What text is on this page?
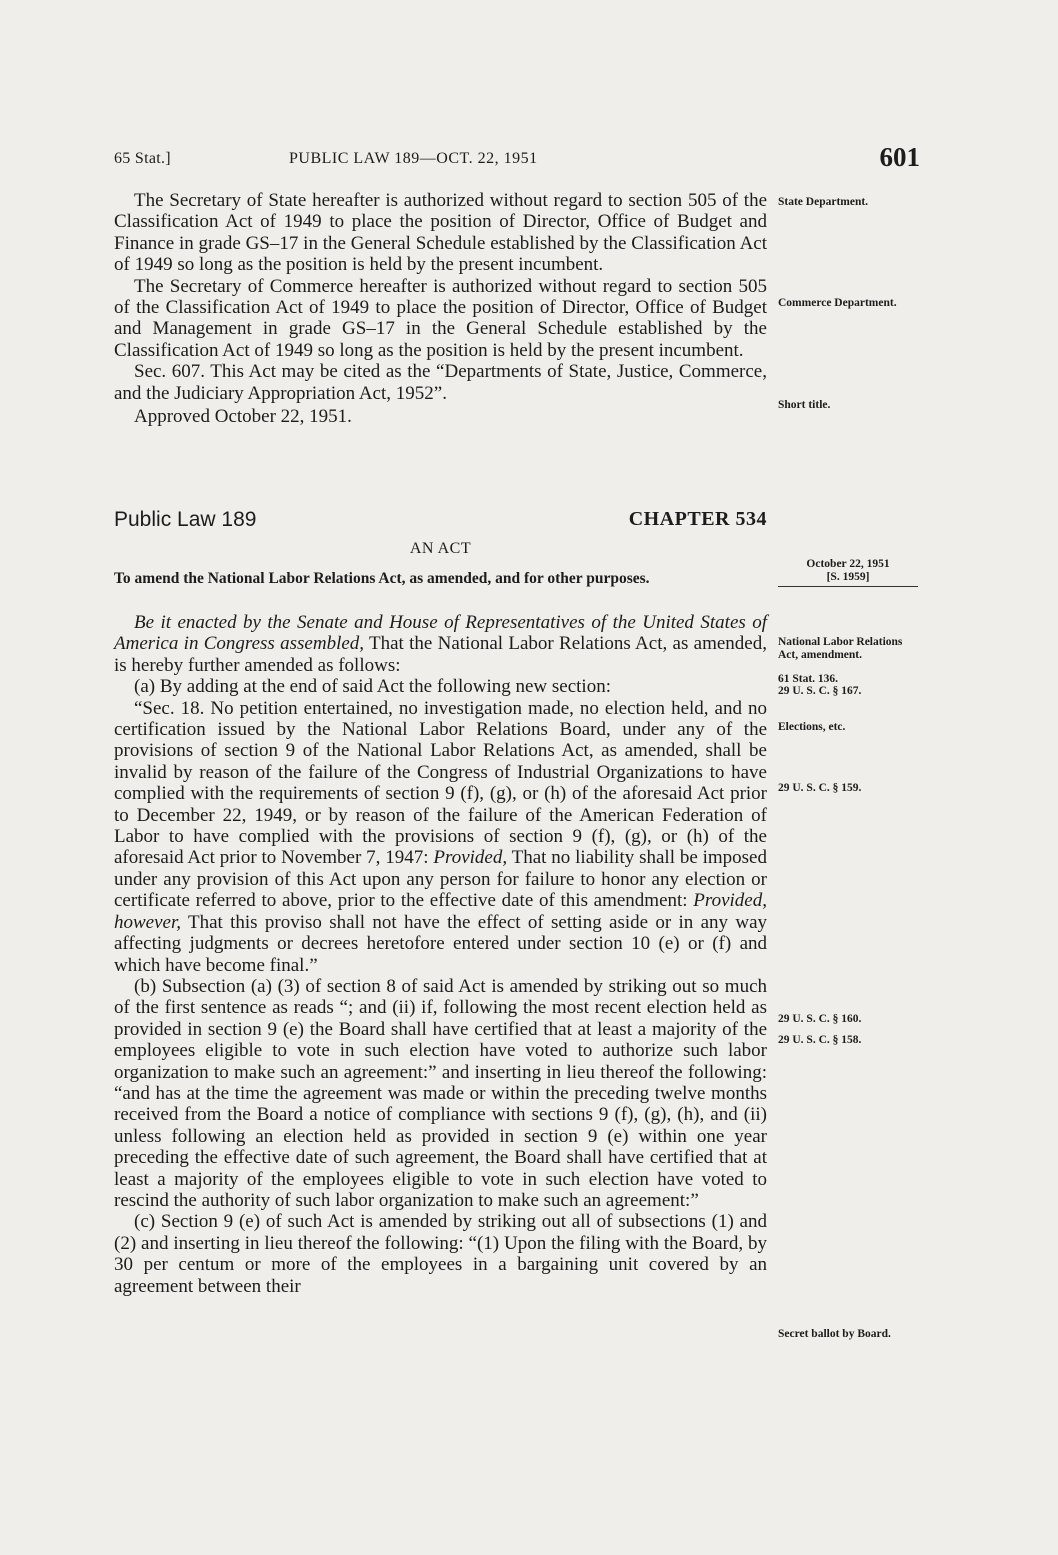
65 Stat.]	PUBLIC LAW 189—OCT. 22, 1951	601

The Secretary of State hereafter is authorized without regard to section 505 of the Classification Act of 1949 to place the position of Director, Office of Budget and Finance in grade GS–17 in the General Schedule established by the Classification Act of 1949 so long as the position is held by the present incumbent.

The Secretary of Commerce hereafter is authorized without regard to section 505 of the Classification Act of 1949 to place the position of Director, Office of Budget and Management in grade GS–17 in the General Schedule established by the Classification Act of 1949 so long as the position is held by the present incumbent.

Sec. 607. This Act may be cited as the “Departments of State, Justice, Commerce, and the Judiciary Appropriation Act, 1952”.

Approved October 22, 1951.

State Department.
Commerce Department.
Short title.
Public Law 189	CHAPTER 534
AN ACT
To amend the National Labor Relations Act, as amended, and for other purposes.
October 22, 1951
[S. 1959]

Be it enacted by the Senate and House of Representatives of the United States of America in Congress assembled, That the National Labor Relations Act, as amended, is hereby further amended as follows:

(a) By adding at the end of said Act the following new section:

“Sec. 18. No petition entertained, no investigation made, no election held, and no certification issued by the National Labor Relations Board, under any of the provisions of section 9 of the National Labor Relations Act, as amended, shall be invalid by reason of the failure of the Congress of Industrial Organizations to have complied with the requirements of section 9 (f), (g), or (h) of the aforesaid Act prior to December 22, 1949, or by reason of the failure of the American Federation of Labor to have complied with the provisions of section 9 (f), (g), or (h) of the aforesaid Act prior to November 7, 1947: Provided, That no liability shall be imposed under any provision of this Act upon any person for failure to honor any election or certificate referred to above, prior to the effective date of this amendment: Provided, however, That this proviso shall not have the effect of setting aside or in any way affecting judgments or decrees heretofore entered under section 10 (e) or (f) and which have become final.”

(b) Subsection (a) (3) of section 8 of said Act is amended by striking out so much of the first sentence as reads “; and (ii) if, following the most recent election held as provided in section 9 (e) the Board shall have certified that at least a majority of the employees eligible to vote in such election have voted to authorize such labor organization to make such an agreement:” and inserting in lieu thereof the following: “and has at the time the agreement was made or within the preceding twelve months received from the Board a notice of compliance with sections 9 (f), (g), (h), and (ii) unless following an election held as provided in section 9 (e) within one year preceding the effective date of such agreement, the Board shall have certified that at least a majority of the employees eligible to vote in such election have voted to rescind the authority of such labor organization to make such an agreement:”

(c) Section 9 (e) of such Act is amended by striking out all of subsections (1) and (2) and inserting in lieu thereof the following: “(1) Upon the filing with the Board, by 30 per centum or more of the employees in a bargaining unit covered by an agreement between their

National Labor Relations Act, amendment.
61 Stat. 136.
29 U. S. C. § 167.
Elections, etc.
29 U. S. C. § 159.
29 U. S. C. § 160.
29 U. S. C. § 158.
Secret ballot by Board.
